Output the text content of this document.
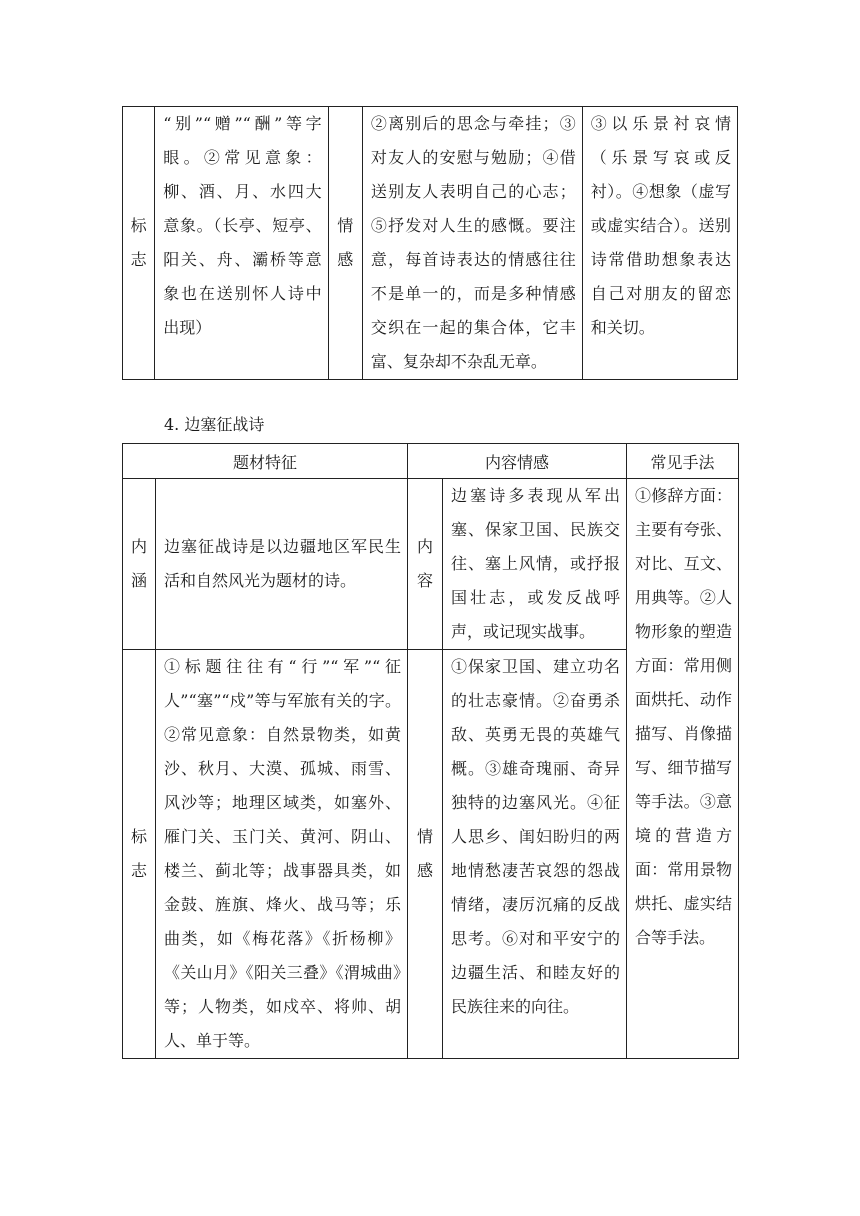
标志	“别”“赠”“酬”等字眼。②常见意象：柳、酒、月、水四大意象。（长亭、短亭、阳关、舟、灞桥等意象也在送别怀人诗中出现）	情感	②离别后的思念与牵挂；③对友人的安慰与勉励；④借送别友人表明自己的心志；⑤抒发对人生的感慨。要注意，每首诗表达的情感往往不是单一的，而是多种情感交织在一起的集合体，它丰富、复杂却不杂乱无章。	③以乐景衬哀情（乐景写哀或反衬）。④想象（虚写或虚实结合）。送别诗常借助想象表达自己对朋友的留恋和关切。
4. 边塞征战诗
题材特征		内容情感		常见手法
内涵	边塞征战诗是以边疆地区军民生活和自然风光为题材的诗。	内容	边塞诗多表现从军出塞、保家卫国、民族交往、塞上风情，或抒报国壮志，或发反战呼声，或记现实战事。	①修辞方面：主要有夸张、对比、互文、用典等。②人物形象的塑造方面：常用侧面烘托、动作描写、肖像描写、细节描写等手法。③意境的营造方面：常用景物烘托、虚实结合等手法。
标志	①标题往往有“行”“军”“征人”“塞”“戍”等与军旅有关的字。②常见意象：自然景物类，如黄沙、秋月、大漠、孤城、雨雪、风沙等；地理区域类，如塞外、雁门关、玉门关、黄河、阴山、楼兰、蓟北等；战事器具类，如金鼓、旌旗、烽火、战马等；乐曲类，如《梅花落》《折杨柳》《关山月》《阳关三叠》《渭城曲》等；人物类，如戍卒、将帅、胡人、单于等。	情感	①保家卫国、建立功名的壮志豪情。②奋勇杀敌、英勇无畏的英雄气概。③雄奇瑰丽、奇异独特的边塞风光。④征人思乡、闺妇盼归的两地情愁凄苦哀怨的怨战情绪，凄厉沉痛的反战思考。⑥对和平安宁的边疆生活、和睦友好的民族往来的向往。	
